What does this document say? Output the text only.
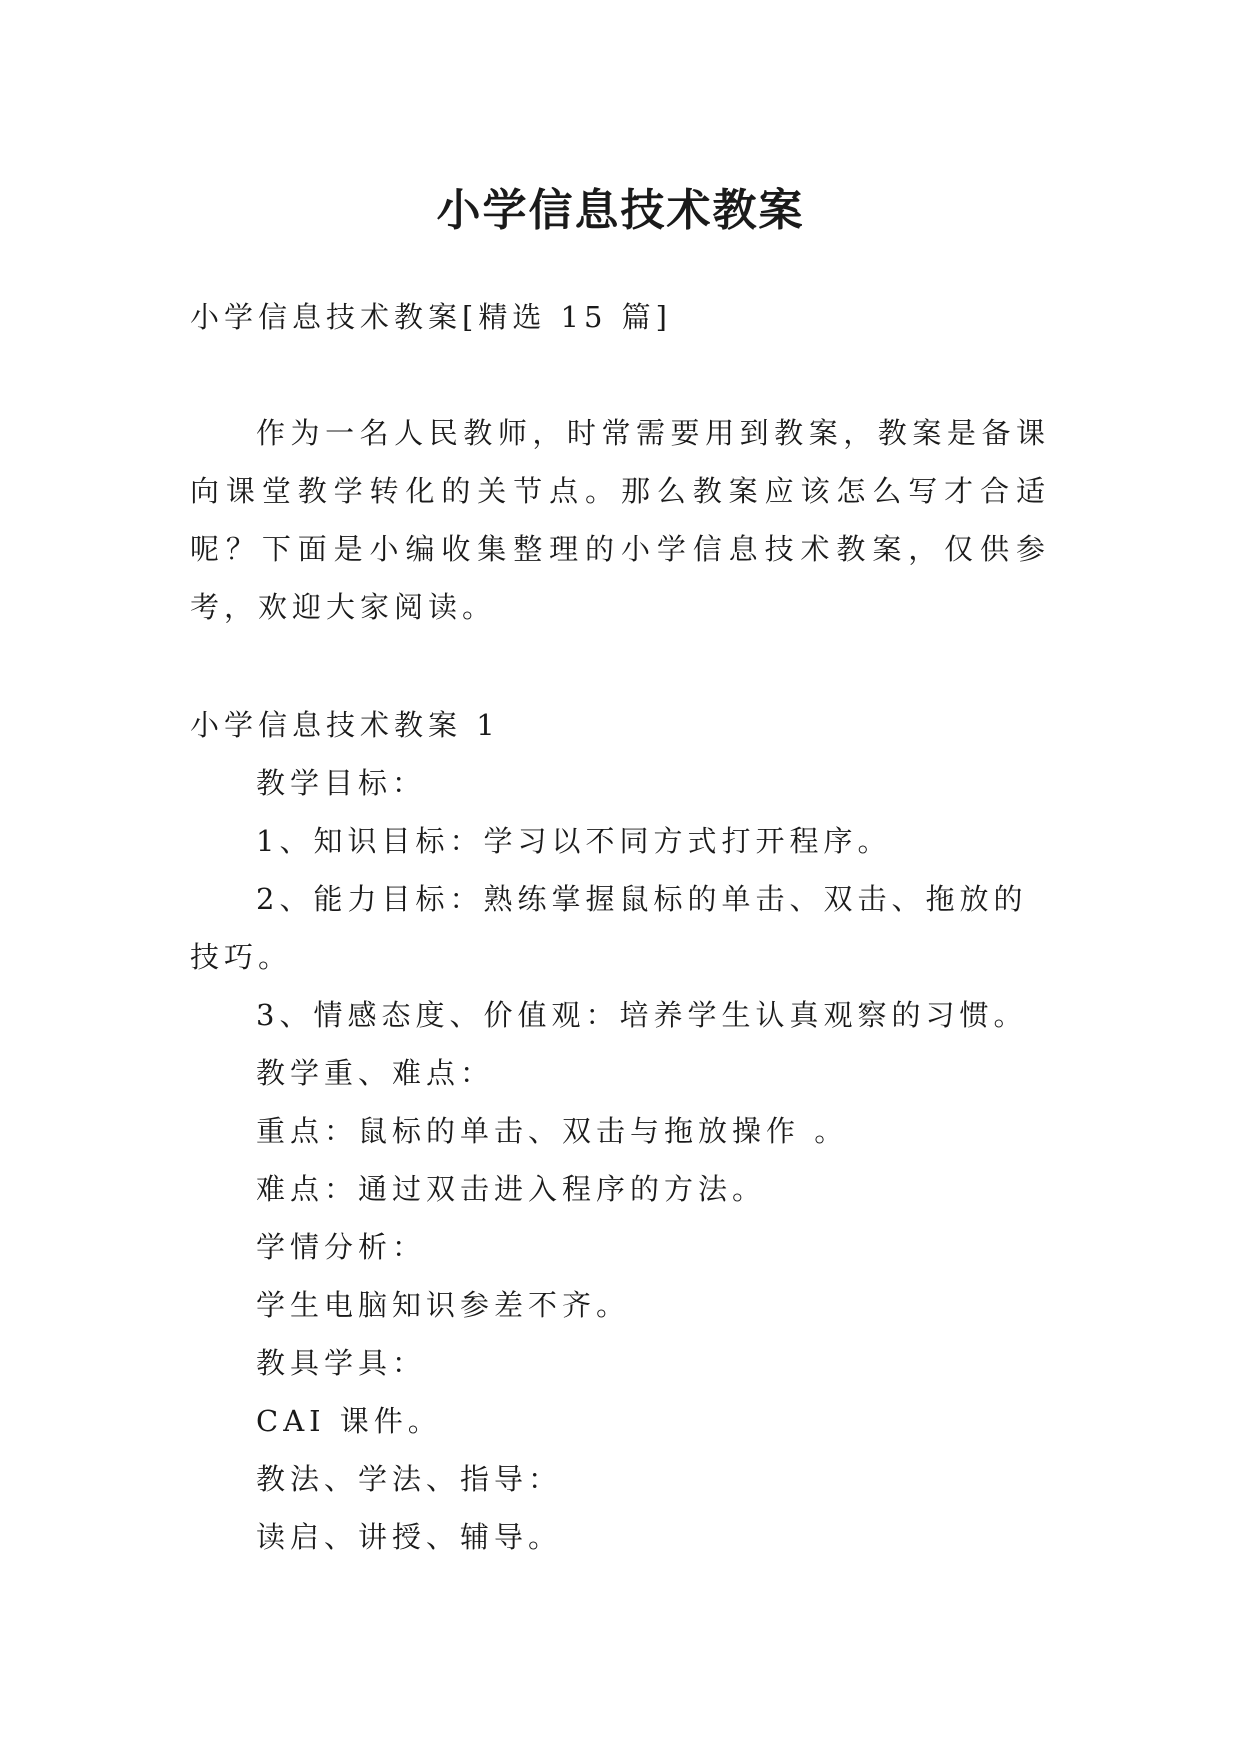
小学信息技术教案

小学信息技术教案[精选 15 篇]

作为一名人民教师，时常需要用到教案，教案是备课向课堂教学转化的关节点。那么教案应该怎么写才合适呢？下面是小编收集整理的小学信息技术教案，仅供参考，欢迎大家阅读。

小学信息技术教案 1

教学目标：

1、知识目标：学习以不同方式打开程序。

2、能力目标：熟练掌握鼠标的单击、双击、拖放的技巧。

3、情感态度、价值观：培养学生认真观察的习惯。

教学重、难点：

重点：鼠标的单击、双击与拖放操作 。

难点：通过双击进入程序的方法。

学情分析：

学生电脑知识参差不齐。

教具学具：

CAI 课件。

教法、学法、指导：

读启、讲授、辅导。
